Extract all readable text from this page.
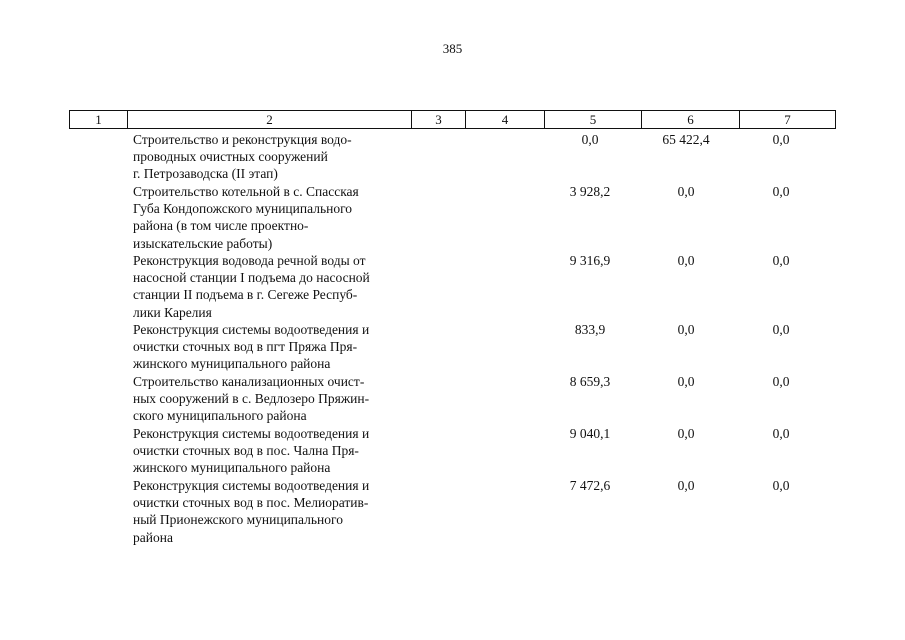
385
1	2	3	4	5	6	7
Строительство и реконструкция водо-
проводных очистных сооружений
г. Петрозаводска (II этап)
0,0	65 422,4	0,0
Строительство котельной в с. Спасская
Губа Кондопожского муниципального
района (в том числе проектно-
изыскательские работы)
3 928,2	0,0	0,0
Реконструкция водовода речной воды от
насосной станции I подъема до насосной
станции II подъема в г. Сегеже Респуб-
лики Карелия
9 316,9	0,0	0,0
Реконструкция системы водоотведения и
очистки сточных вод в пгт Пряжа Пря-
жинского муниципального района
833,9	0,0	0,0
Строительство канализационных очист-
ных сооружений в с. Ведлозеро Пряжин-
ского муниципального района
8 659,3	0,0	0,0
Реконструкция системы водоотведения и
очистки сточных вод в пос. Чална Пря-
жинского муниципального района
9 040,1	0,0	0,0
Реконструкция системы водоотведения и
очистки сточных вод в пос. Мелиоратив-
ный Прионежского муниципального
района
7 472,6	0,0	0,0
